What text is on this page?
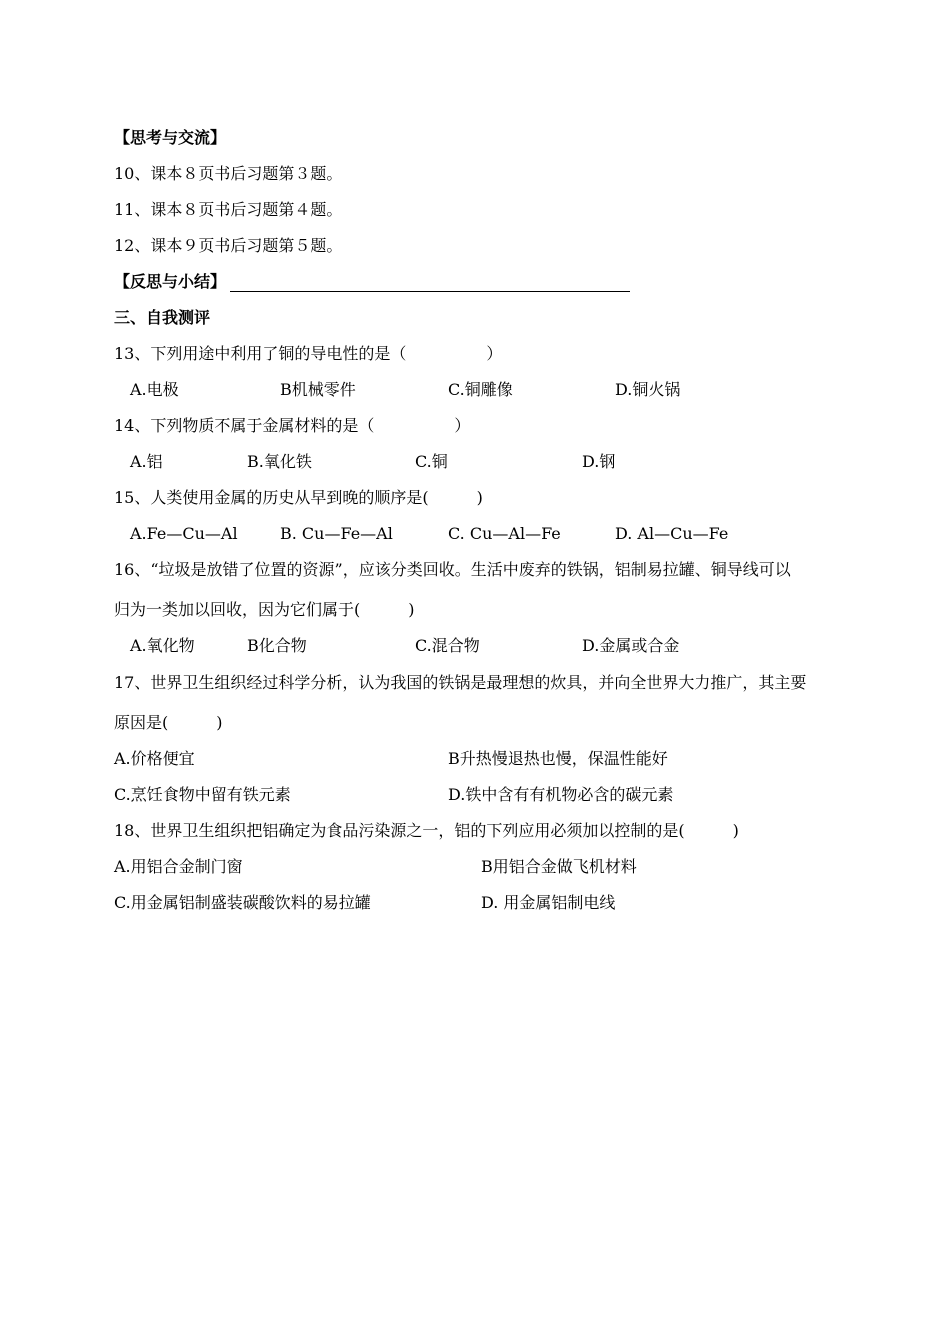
【思考与交流】
10、课本８页书后习题第３题。
11、课本８页书后习题第４题。
12、课本９页书后习题第５题。
【反思与小结】
三、自我测评
13、下列用途中利用了铜的导电性的是（　　　　　）
A.电极	B机械零件	C.铜雕像	D.铜火锅
14、下列物质不属于金属材料的是（　　　　　）
A.铝	B.氧化铁	C.铜	D.钢
15、人类使用金属的历史从早到晚的顺序是(　　　)
A.Fe—Cu—Al	B. Cu—Fe—Al	C. Cu—Al—Fe	D. Al—Cu—Fe
16、“垃圾是放错了位置的资源”，应该分类回收。生活中废弃的铁锅，铝制易拉罐、铜导线可以
归为一类加以回收，因为它们属于(　　　)
A.氧化物	B化合物	C.混合物	D.金属或合金
17、世界卫生组织经过科学分析，认为我国的铁锅是最理想的炊具，并向全世界大力推广，其主要
原因是(　　　)
A.价格便宜	B升热慢退热也慢，保温性能好
C.烹饪食物中留有铁元素	D.铁中含有有机物必含的碳元素
18、世界卫生组织把铝确定为食品污染源之一，铝的下列应用必须加以控制的是(　　　)
A.用铝合金制门窗	B用铝合金做飞机材料
C.用金属铝制盛装碳酸饮料的易拉罐	D. 用金属铝制电线
